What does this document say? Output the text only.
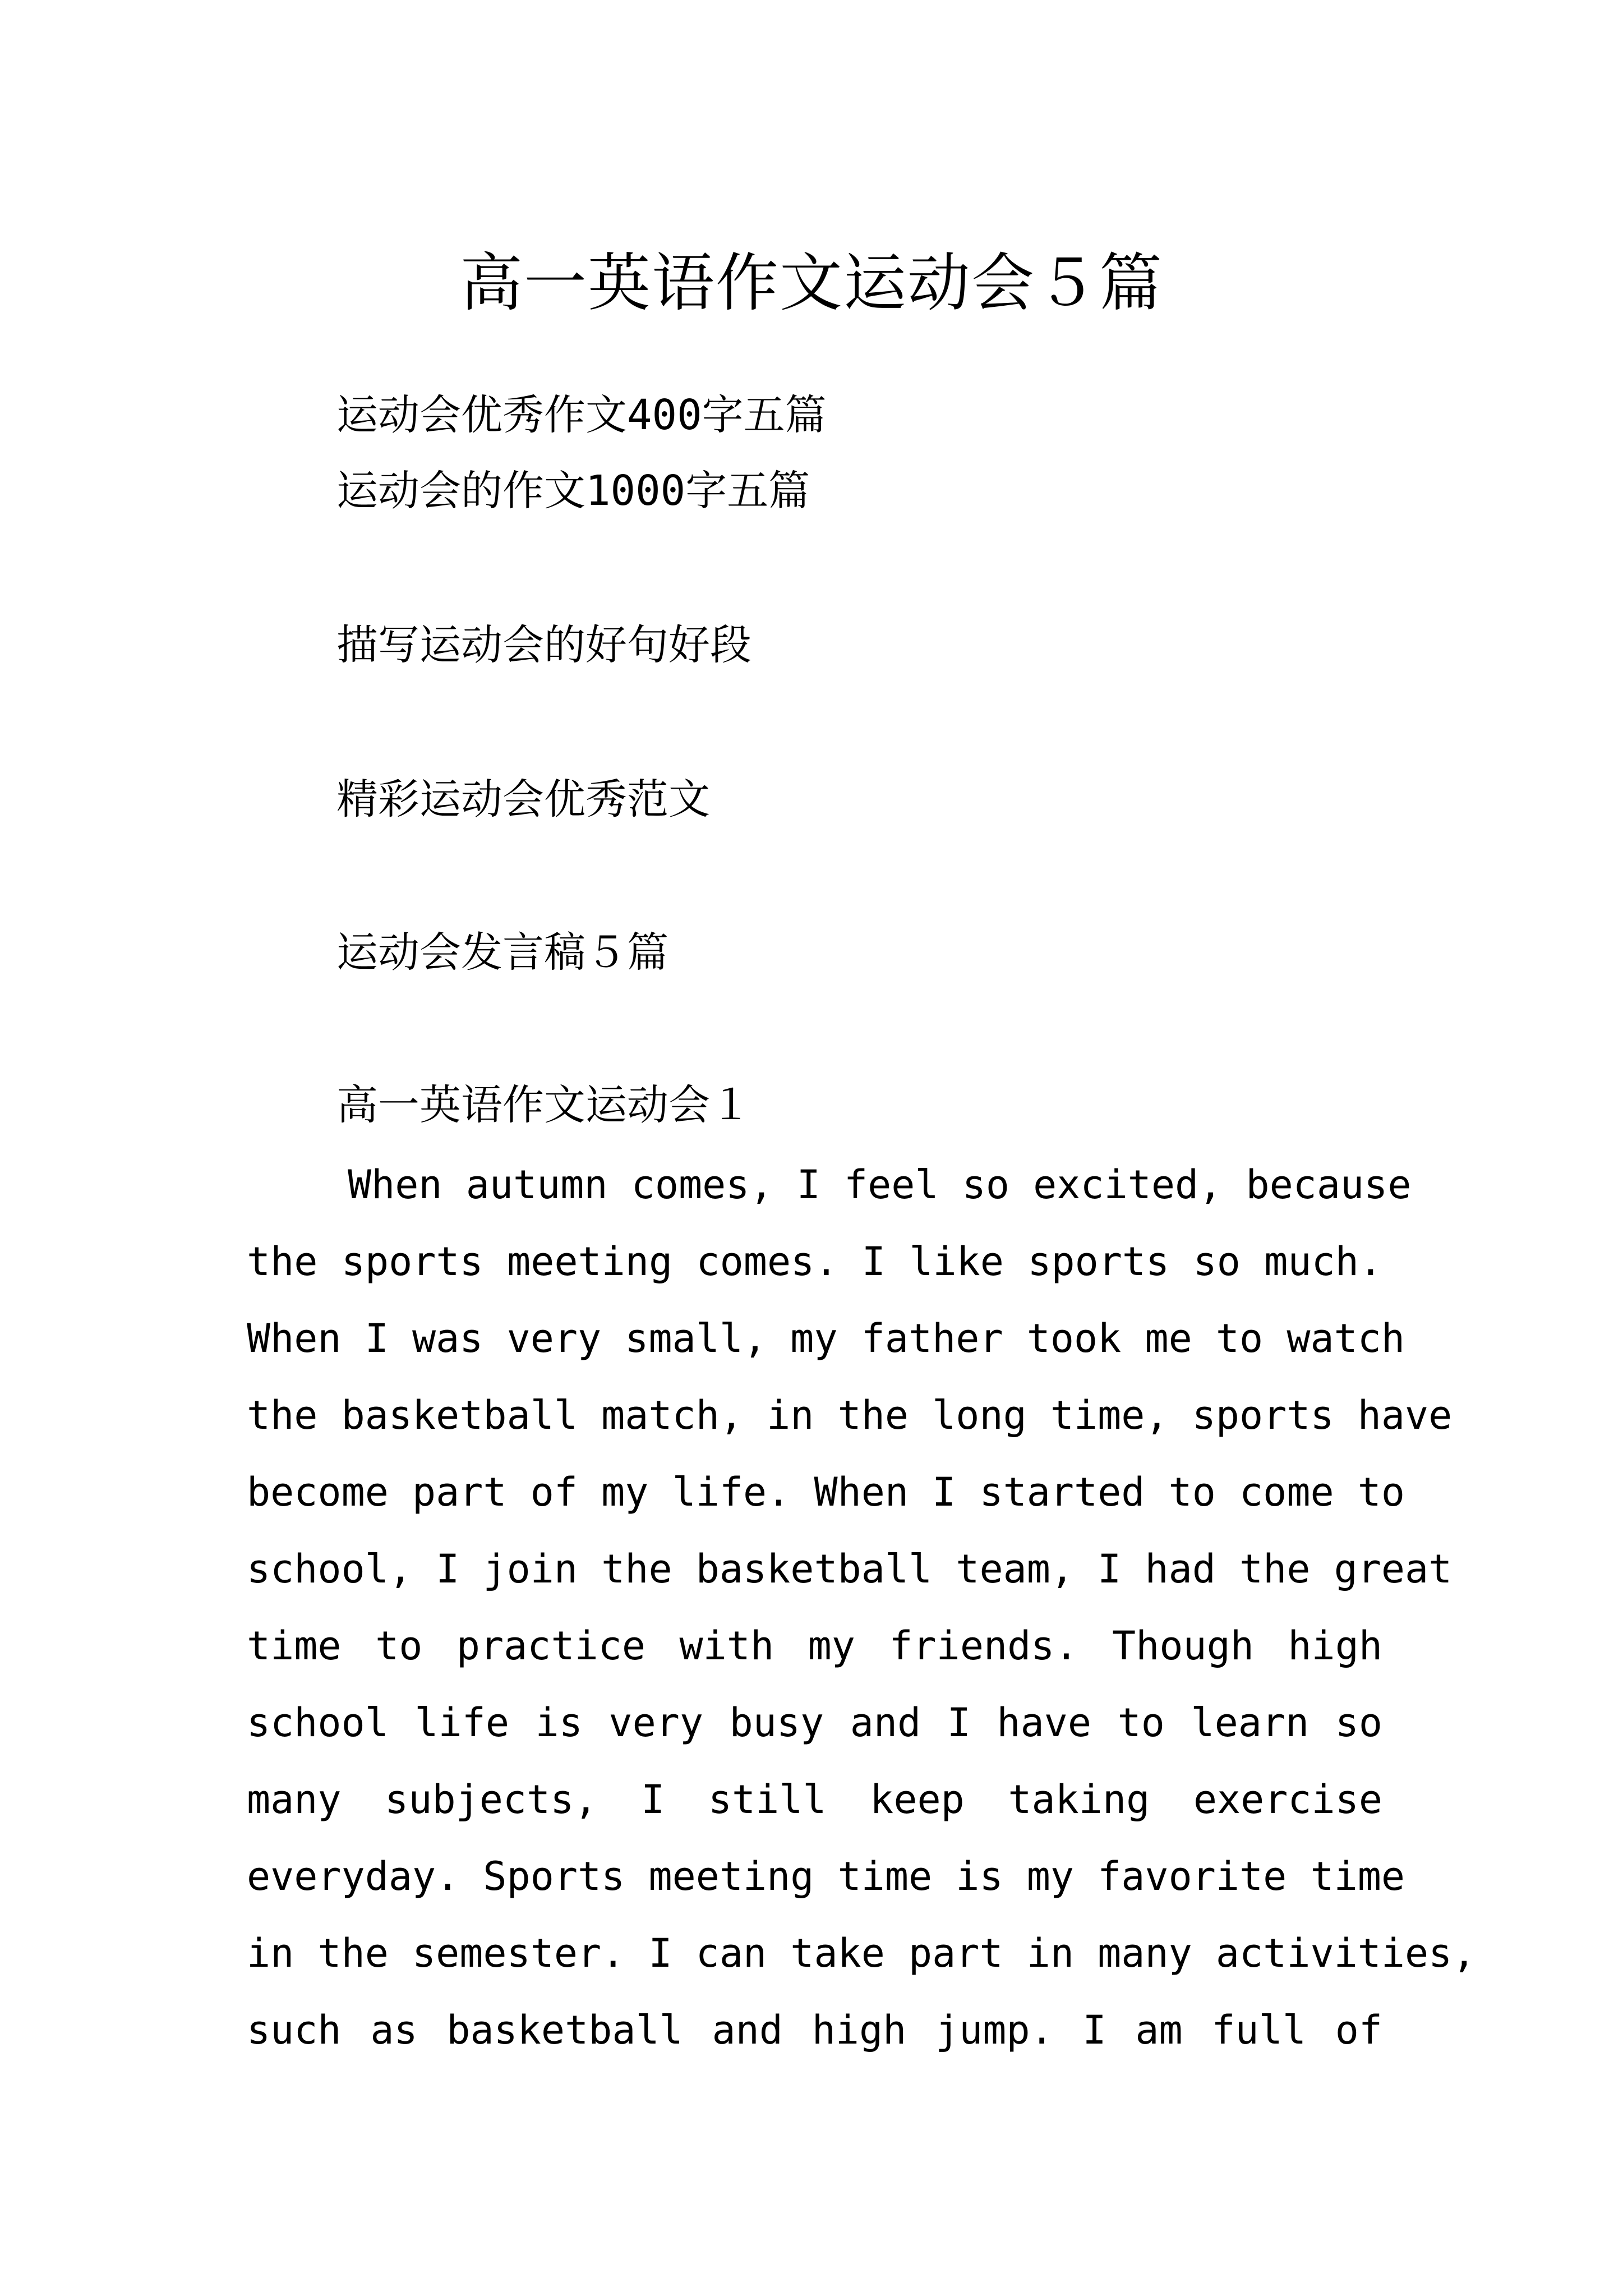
高一英语作文运动会５篇
运动会优秀作文400字五篇
运动会的作文1000字五篇
描写运动会的好句好段
精彩运动会优秀范文
运动会发言稿５篇
高一英语作文运动会１
When autumn comes, I feel so excited, because
the sports meeting comes. I like sports so much.
When I was very small, my father took me to watch
the basketball match, in the long time, sports have
become part of my life. When I started to come to
school, I join the basketball team, I had the great
time to practice with my friends. Though high
school life is very busy and I have to learn so
many subjects, I still keep taking exercise
everyday. Sports meeting time is my favorite time
in the semester. I can take part in many activities,
such as basketball and high jump. I am full of
